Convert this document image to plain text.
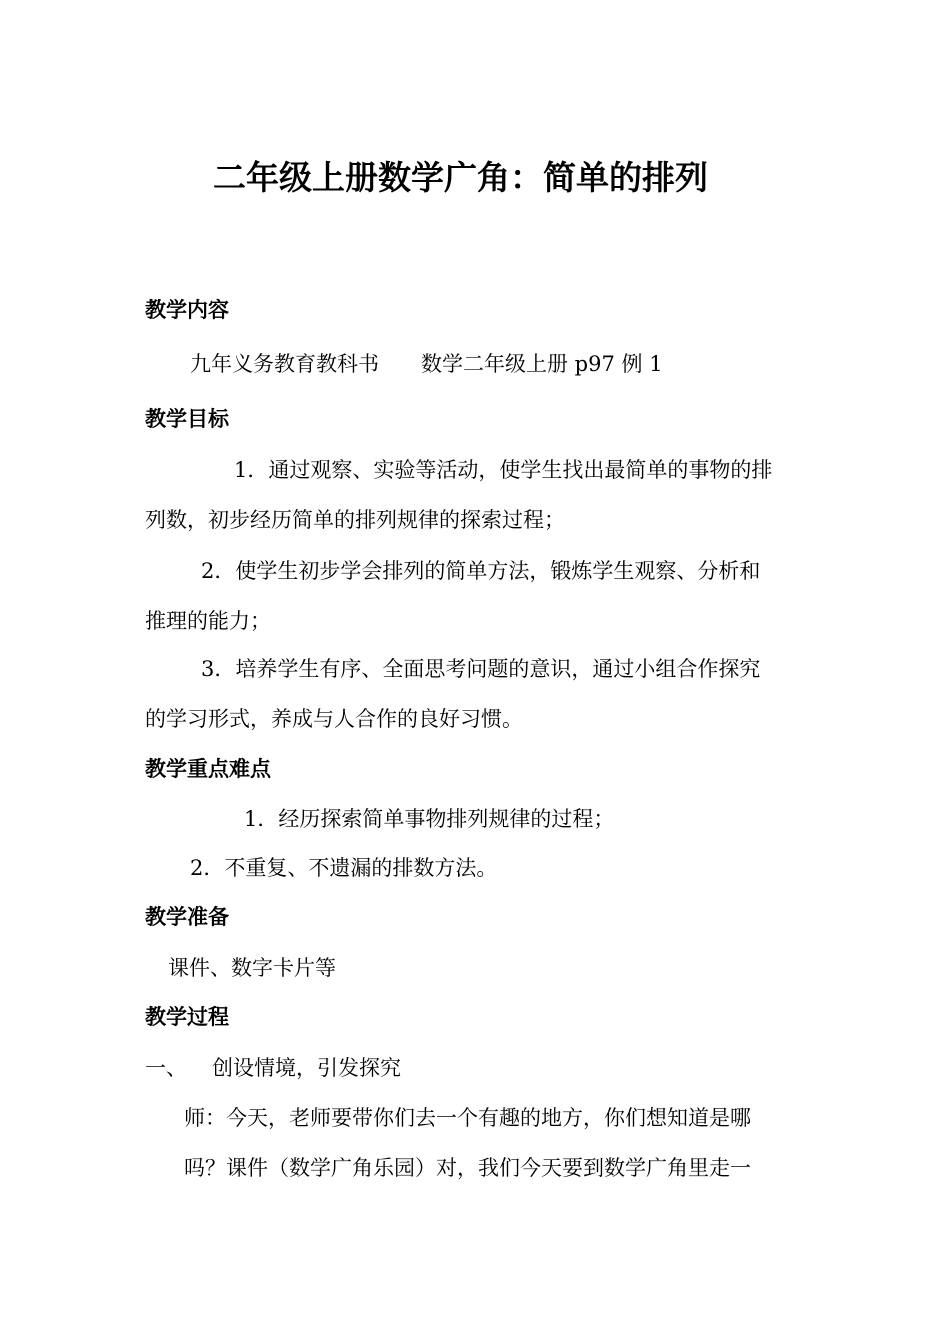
二年级上册数学广角：简单的排列
教学内容
九年义务教育教科书　　数学二年级上册 p97 例 1
教学目标
1．通过观察、实验等活动，使学生找出最简单的事物的排
列数，初步经历简单的排列规律的探索过程；
2．使学生初步学会排列的简单方法，锻炼学生观察、分析和
推理的能力；
3．培养学生有序、全面思考问题的意识，通过小组合作探究
的学习形式，养成与人合作的良好习惯。
教学重点难点
1．经历探索简单事物排列规律的过程；
2．不重复、不遗漏的排数方法。
教学准备
课件、数字卡片等
教学过程
一、 创设情境，引发探究
师：今天，老师要带你们去一个有趣的地方，你们想知道是哪
吗？课件（数学广角乐园）对，我们今天要到数学广角里走一
